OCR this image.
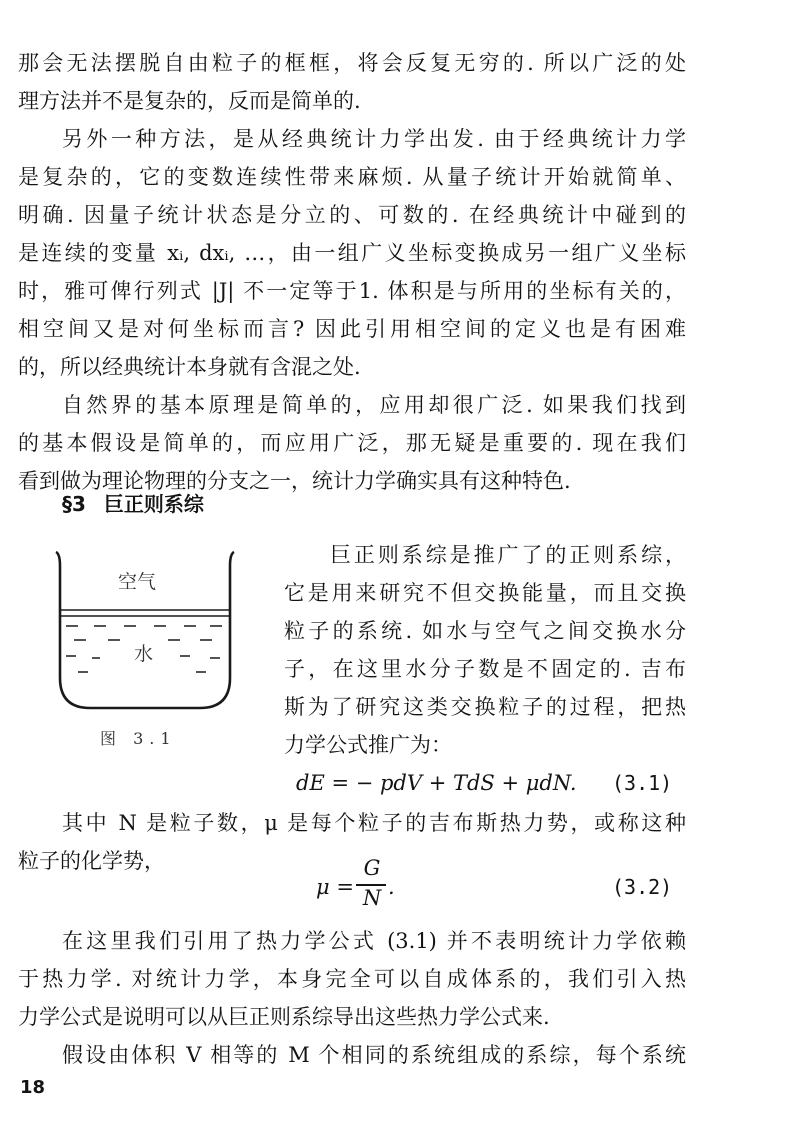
那会无法摆脱自由粒子的框框，将会反复无穷的. 所以广泛的处
理方法并不是复杂的，反而是简单的.
另外一种方法，是从经典统计力学出发. 由于经典统计力学
是复杂的，它的变数连续性带来麻烦. 从量子统计开始就简单、
明确. 因量子统计状态是分立的、可数的. 在经典统计中碰到的
是连续的变量 xᵢ, dxᵢ, …，由一组广义坐标变换成另一组广义坐标
时，雅可俾行列式 |J| 不一定等于1. 体积是与所用的坐标有关的，
相空间又是对何坐标而言? 因此引用相空间的定义也是有困难
的，所以经典统计本身就有含混之处.
自然界的基本原理是简单的，应用却很广泛. 如果我们找到
的基本假设是简单的，而应用广泛，那无疑是重要的. 现在我们
看到做为理论物理的分支之一，统计力学确实具有这种特色.
§3 巨正则系综
空气
水
图 3.1
巨正则系综是推广了的正则系综，
它是用来研究不但交换能量，而且交换
粒子的系统. 如水与空气之间交换水分
子，在这里水分子数是不固定的. 吉布
斯为了研究这类交换粒子的过程，把热
力学公式推广为：
dE = − pdV + TdS + μdN. (3.1)
其中 N 是粒子数，μ 是每个粒子的吉布斯热力势，或称这种
粒子的化学势，
μ =
G
N .	(3.2)
在这里我们引用了热力学公式 (3.1) 并不表明统计力学依赖
于热力学. 对统计力学，本身完全可以自成体系的，我们引入热
力学公式是说明可以从巨正则系综导出这些热力学公式来.
假设由体积 V 相等的 M 个相同的系统组成的系综，每个系统
18
